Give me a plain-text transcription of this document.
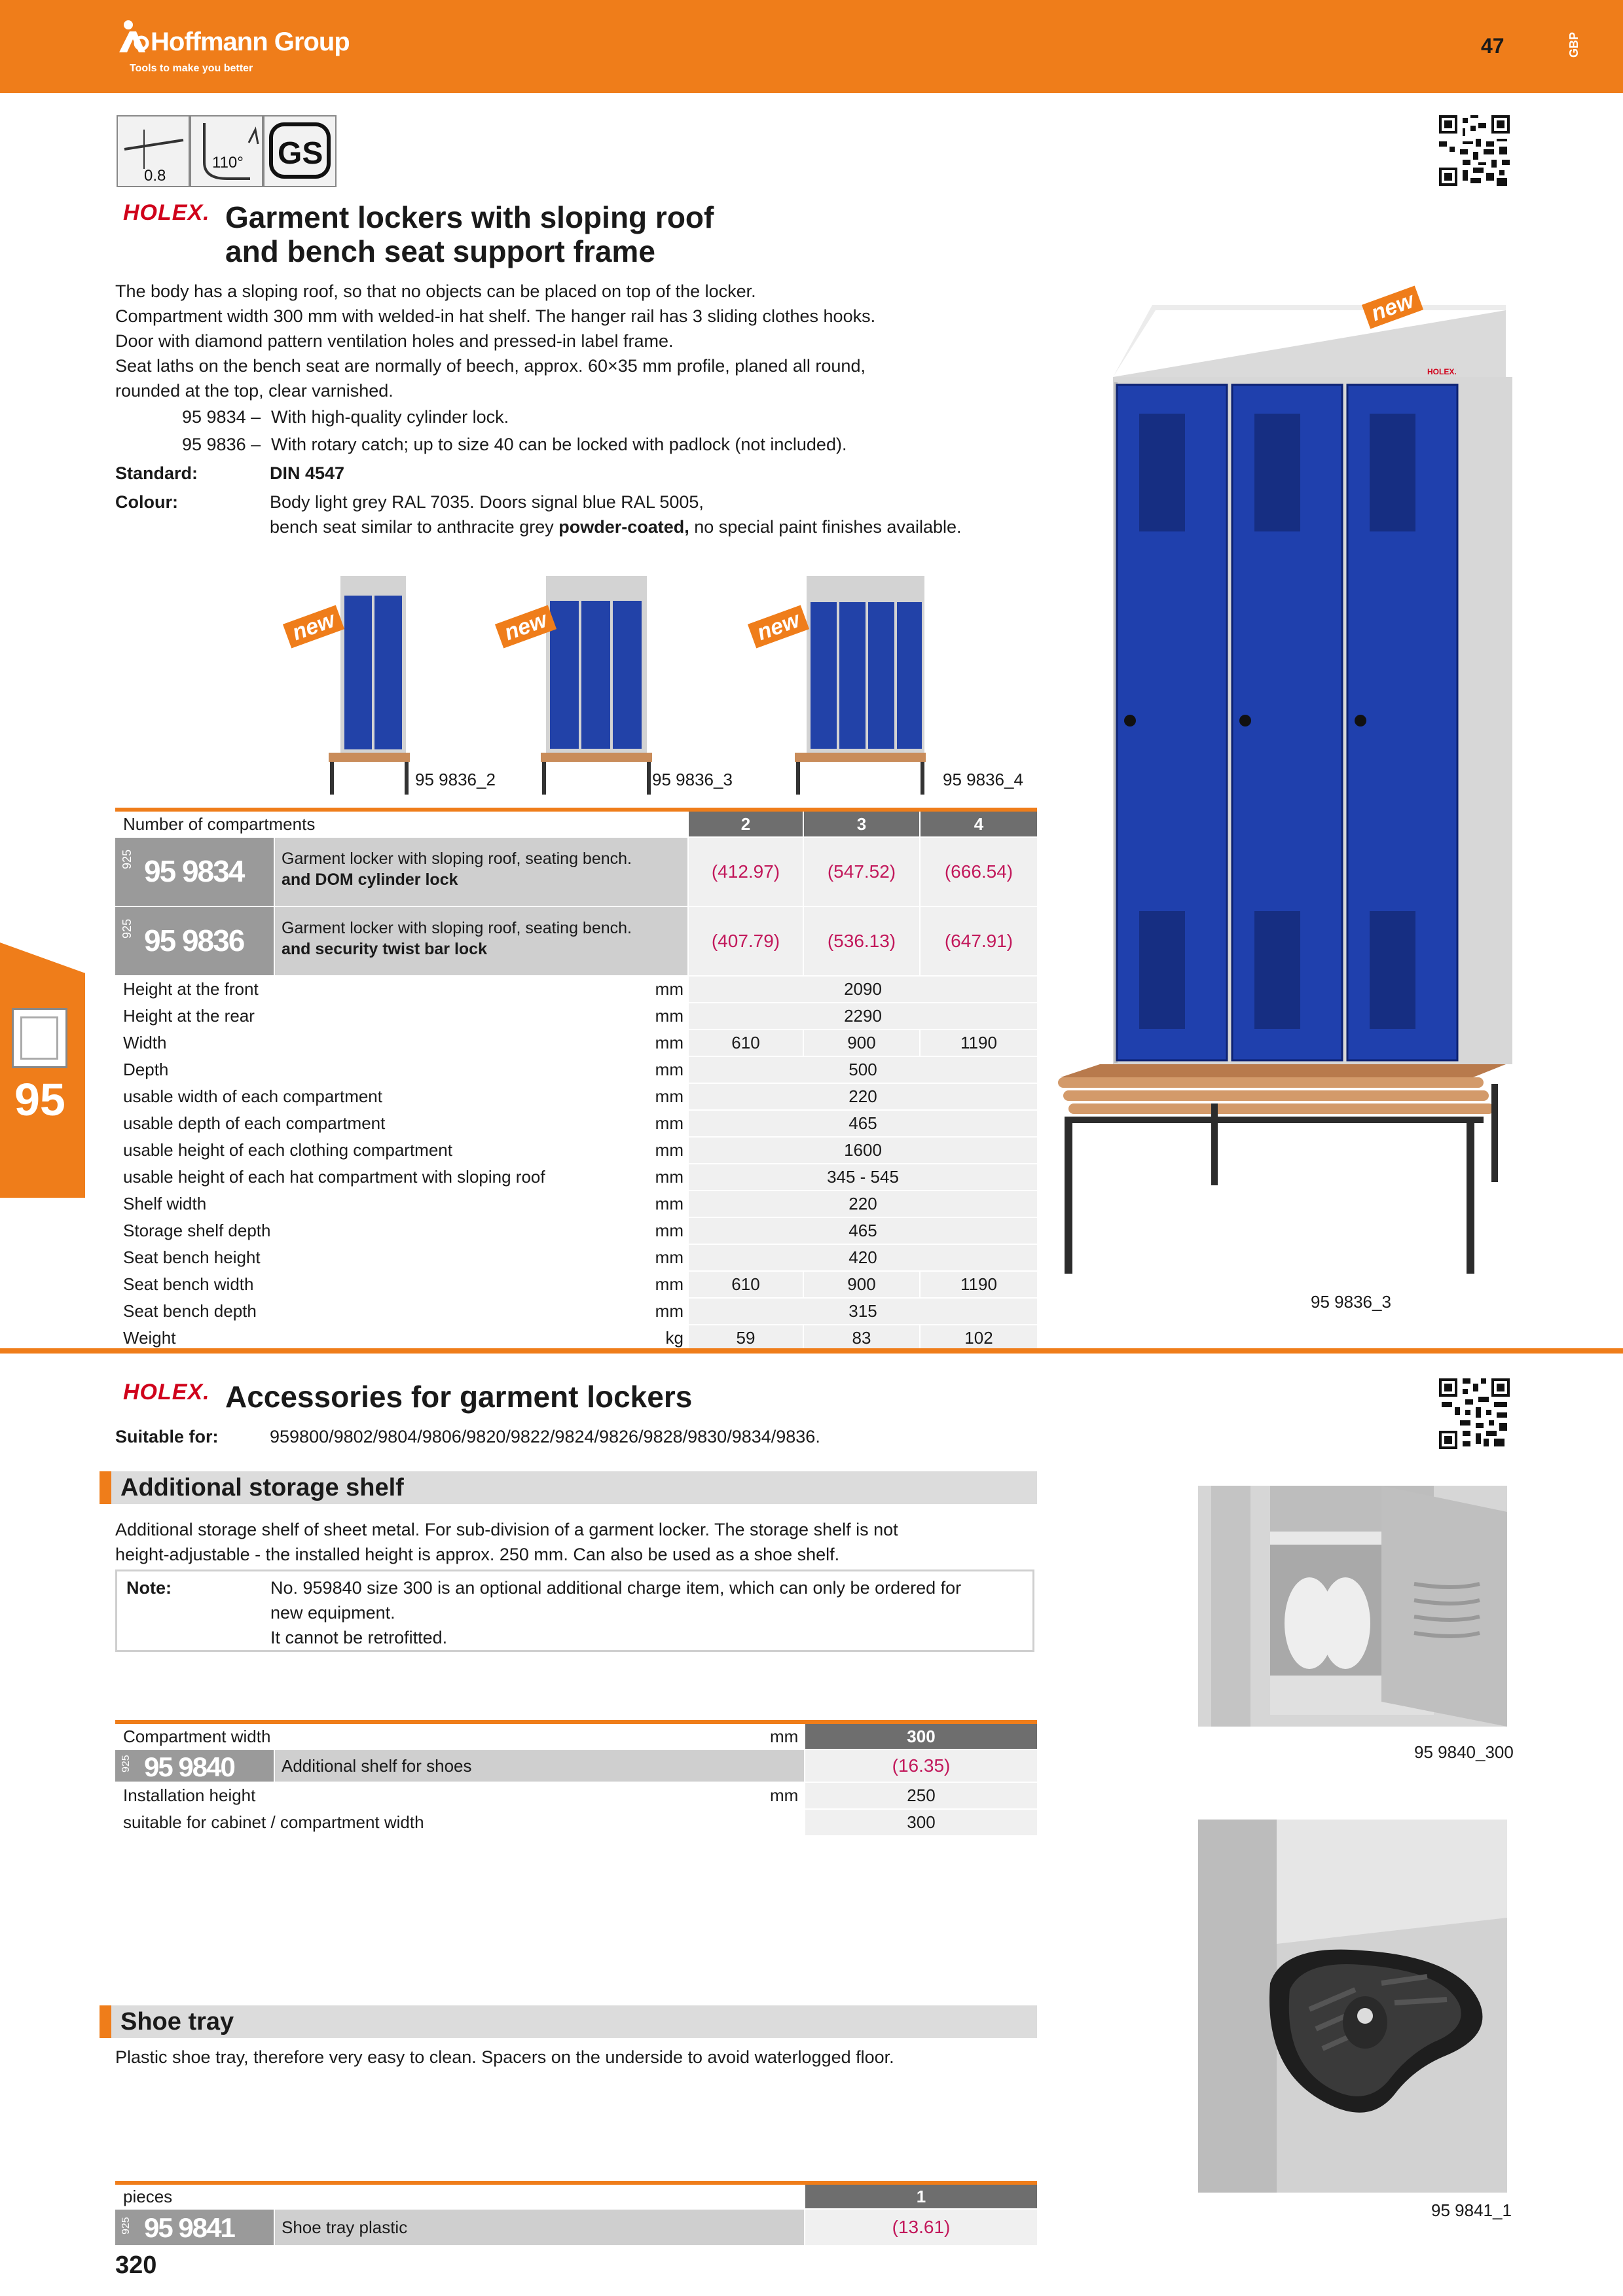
Hoffmann Group
Tools to make you better
47	GBP
95
0.8
110° GS
HOLEX. Garment lockers with sloping roof
and bench seat support frame
The body has a sloping roof, so that no objects can be placed on top of the locker.
Compartment width 300 mm with welded-in hat shelf. The hanger rail has 3 sliding clothes hooks.
Door with diamond pattern ventilation holes and pressed-in label frame.
Seat laths on the bench seat are normally of beech, approx. 60×35 mm profile, planed all round,
rounded at the top, clear varnished.
95 9834 – With high-quality cylinder lock.
95 9836 – With rotary catch; up to size 40 can be locked with padlock (not included).
Standard:	DIN 4547
Colour:	Body light grey RAL 7035. Doors signal blue RAL 5005,
bench seat similar to anthracite grey powder-coated, no special paint finishes available.
new
95 9836_2
new
95 9836_3
new
95 9836_4
HOLEX.
new
95 9836_3
Number of compartments	2	3	4
925 95 9834 Garment locker with sloping roof, seating bench.
and DOM cylinder lock	(412.97)	(547.52)	(666.54)
925 95 9836 Garment locker with sloping roof, seating bench.
and security twist bar lock	(407.79)	(536.13)	(647.91)
Height at the front	mm	2090
Height at the rear	mm	2290
Width	mm	610	900	1190
Depth	mm	500
usable width of each compartment	mm	220
usable depth of each compartment	mm	465
usable height of each clothing compartment	mm	1600
usable height of each hat compartment with sloping roof	mm	345 - 545
Shelf width	mm	220
Storage shelf depth	mm	465
Seat bench height	mm	420
Seat bench width	mm	610	900	1190
Seat bench depth	mm	315
Weight	kg	59	83	102
HOLEX. Accessories for garment lockers
Suitable for:	959800/9802/9804/9806/9820/9822/9824/9826/9828/9830/9834/9836.
Additional storage shelf
Additional storage shelf of sheet metal. For sub-division of a garment locker. The storage shelf is not
height-adjustable - the installed height is approx. 250 mm. Can also be used as a shoe shelf.
Note:	No. 959840 size 300 is an optional additional charge item, which can only be ordered for
new equipment.
It cannot be retrofitted.
Compartment width	mm	300
925 95 9840	Additional shelf for shoes	(16.35)
Installation height	mm	250
suitable for cabinet / compartment width	300
95 9840_300
Shoe tray
Plastic shoe tray, therefore very easy to clean. Spacers on the underside to avoid waterlogged floor.
pieces	1
925 95 9841	Shoe tray plastic	(13.61)
95 9841_1
320
